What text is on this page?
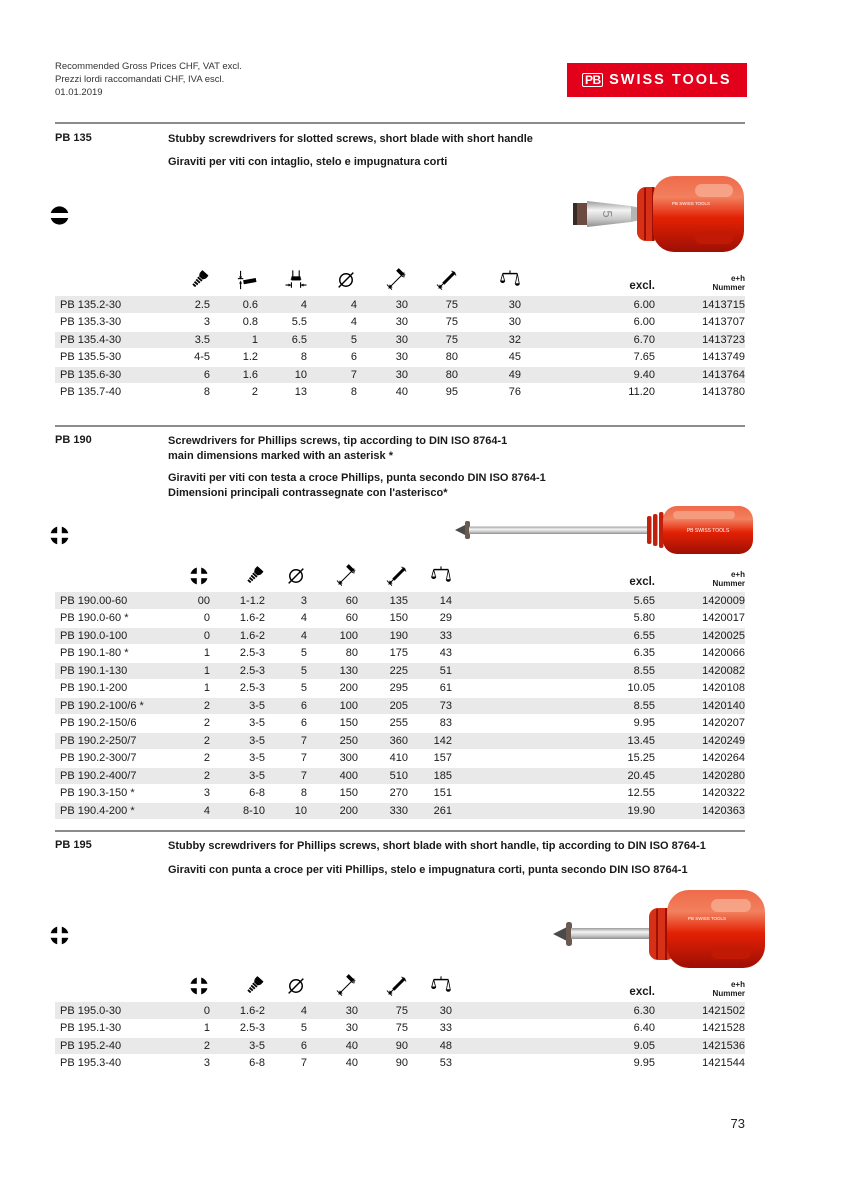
Recommended Gross Prices CHF, VAT excl.
Prezzi lordi raccomandati CHF, IVA escl.
01.01.2019
PB SWISS TOOLS
PB 135	Stubby screwdrivers for slotted screws, short blade with short handle
Giraviti per viti con intaglio, stelo e impugnatura corti
5
PB SWISS TOOLS
								excl.	e+h
Nummer

PB 135.2-30	2.5	0.6	4	4	30	75	30	6.00	1413715
PB 135.3-30	3	0.8	5.5	4	30	75	30	6.00	1413707
PB 135.4-30	3.5	1	6.5	5	30	75	32	6.70	1413723
PB 135.5-30	4-5	1.2	8	6	30	80	45	7.65	1413749
PB 135.6-30	6	1.6	10	7	30	80	49	9.40	1413764
PB 135.7-40	8	2	13	8	40	95	76	11.20	1413780
PB 190	Screwdrivers for Phillips screws, tip according to DIN ISO 8764-1
main dimensions marked with an asterisk *
Giraviti per viti con testa a croce Phillips, punta secondo DIN ISO 8764-1
Dimensioni principali contrassegnate con l'asterisco*
PB SWISS TOOLS
							excl.	e+h
Nummer

PB 190.00-60	00	1-1.2	3	60	135	14	5.65	1420009
PB 190.0-60 *	0	1.6-2	4	60	150	29	5.80	1420017
PB 190.0-100	0	1.6-2	4	100	190	33	6.55	1420025
PB 190.1-80 *	1	2.5-3	5	80	175	43	6.35	1420066
PB 190.1-130	1	2.5-3	5	130	225	51	8.55	1420082
PB 190.1-200	1	2.5-3	5	200	295	61	10.05	1420108
PB 190.2-100/6 *	2	3-5	6	100	205	73	8.55	1420140
PB 190.2-150/6	2	3-5	6	150	255	83	9.95	1420207
PB 190.2-250/7	2	3-5	7	250	360	142	13.45	1420249
PB 190.2-300/7	2	3-5	7	300	410	157	15.25	1420264
PB 190.2-400/7	2	3-5	7	400	510	185	20.45	1420280
PB 190.3-150 *	3	6-8	8	150	270	151	12.55	1420322
PB 190.4-200 *	4	8-10	10	200	330	261	19.90	1420363
PB 195	Stubby screwdrivers for Phillips screws, short blade with short handle, tip according to DIN ISO 8764-1
Giraviti con punta a croce per viti Phillips, stelo e impugnatura corti, punta secondo DIN ISO 8764-1
PB SWISS TOOLS
							excl.	e+h
Nummer

PB 195.0-30	0	1.6-2	4	30	75	30	6.30	1421502
PB 195.1-30	1	2.5-3	5	30	75	33	6.40	1421528
PB 195.2-40	2	3-5	6	40	90	48	9.05	1421536
PB 195.3-40	3	6-8	7	40	90	53	9.95	1421544
73
